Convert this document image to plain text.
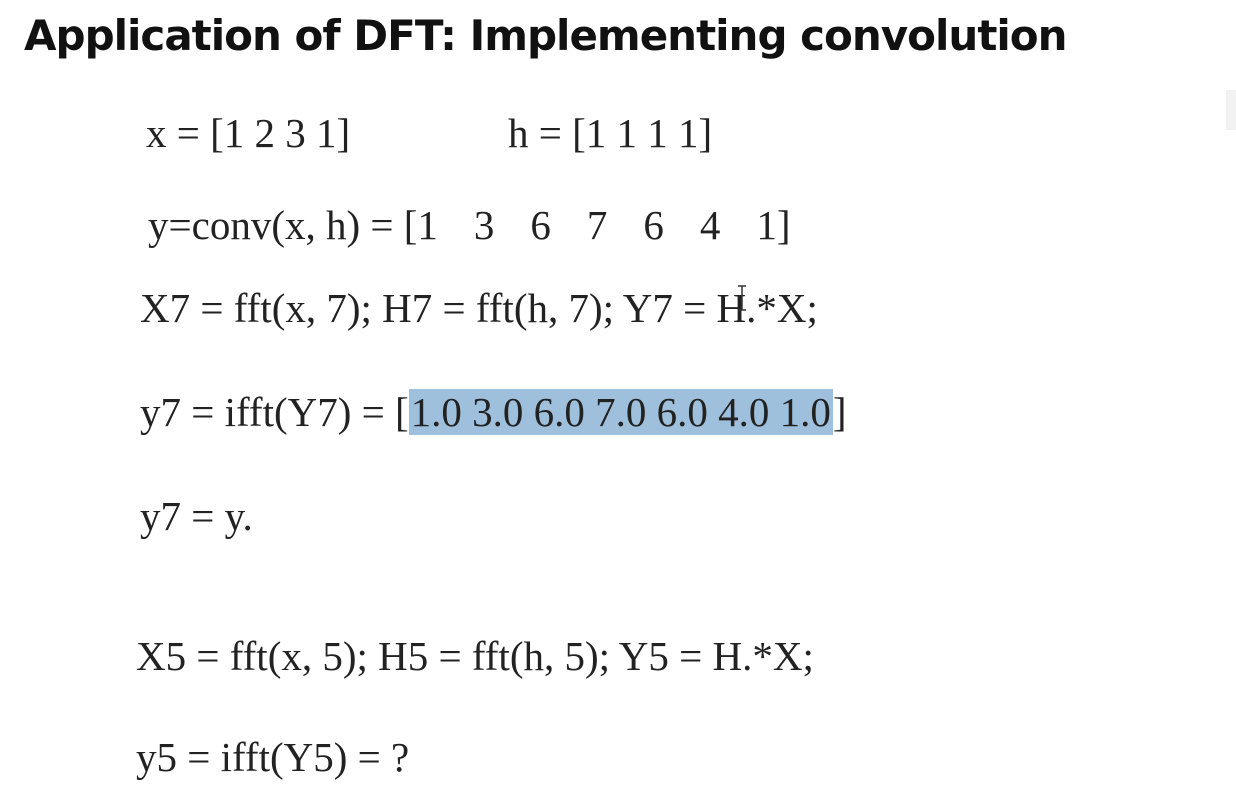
Application of DFT: Implementing convolution
x = [1 2 3 1]	h = [1 1 1 1]
y=conv(x, h) = [1 3 6 7 6 4 1]
X7 = fft(x, 7); H7 = fft(h, 7); Y7 = H.*X;
y7 = ifft(Y7) = [1.0 3.0 6.0 7.0 6.0 4.0 1.0]
y7 = y.
X5 = fft(x, 5); H5 = fft(h, 5); Y5 = H.*X;
y5 = ifft(Y5) = ?
